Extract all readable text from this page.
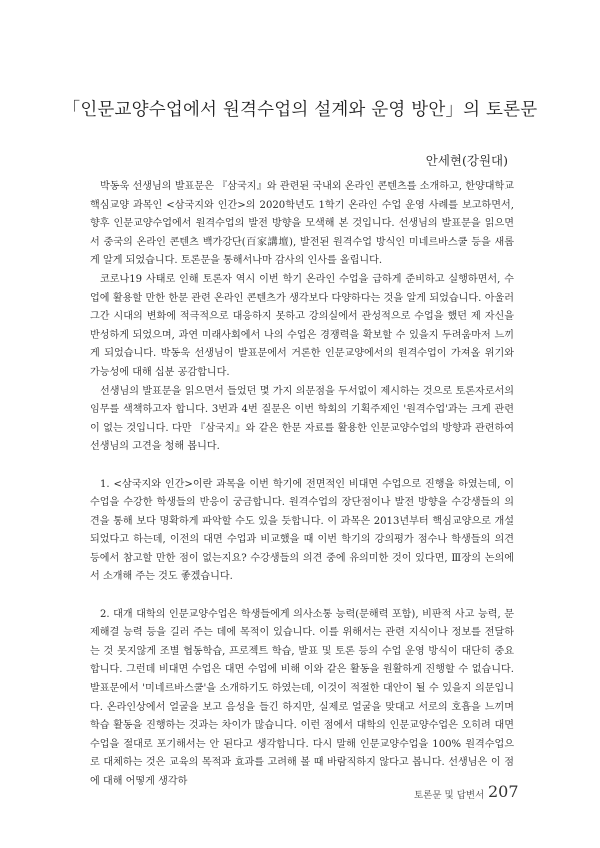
「인문교양수업에서 원격수업의 설계와 운영 방안」의 토론문
안세현(강원대)

박동욱 선생님의 발표문은 『삼국지』와 관련된 국내외 온라인 콘텐츠를 소개하고, 한양대학교 핵심교양 과목인 <삼국지와 인간>의 2020학년도 1학기 온라인 수업 운영 사례를 보고하면서, 향후 인문교양수업에서 원격수업의 발전 방향을 모색해 본 것입니다. 선생님의 발표문을 읽으면서 중국의 온라인 콘텐츠 백가강단(百家講壇), 발전된 원격수업 방식인 미네르바스쿨 등을 새롭게 알게 되었습니다. 토론문을 통해서나마 감사의 인사를 올립니다.

코로나19 사태로 인해 토론자 역시 이번 학기 온라인 수업을 급하게 준비하고 실행하면서, 수업에 활용할 만한 한문 관련 온라인 콘텐츠가 생각보다 다양하다는 것을 알게 되었습니다. 아울러 그간 시대의 변화에 적극적으로 대응하지 못하고 강의실에서 관성적으로 수업을 했던 제 자신을 반성하게 되었으며, 과연 미래사회에서 나의 수업은 경쟁력을 확보할 수 있을지 두려움마저 느끼게 되었습니다. 박동욱 선생님이 발표문에서 거론한 인문교양에서의 원격수업이 가져올 위기와 가능성에 대해 십분 공감합니다.

선생님의 발표문을 읽으면서 들었던 몇 가지 의문점을 두서없이 제시하는 것으로 토론자로서의 임무를 색책하고자 합니다. 3번과 4번 질문은 이번 학회의 기획주제인 '원격수업'과는 크게 관련이 없는 것입니다. 다만 『삼국지』와 같은 한문 자료를 활용한 인문교양수업의 방향과 관련하여 선생님의 고견을 청해 봅니다.

1. <삼국지와 인간>이란 과목을 이번 학기에 전면적인 비대면 수업으로 진행을 하였는데, 이 수업을 수강한 학생들의 반응이 궁금합니다. 원격수업의 장단점이나 발전 방향을 수강생들의 의견을 통해 보다 명확하게 파악할 수도 있을 듯합니다. 이 과목은 2013년부터 핵심교양으로 개설되었다고 하는데, 이전의 대면 수업과 비교했을 때 이번 학기의 강의평가 점수나 학생들의 의견 등에서 참고할 만한 점이 없는지요? 수강생들의 의견 중에 유의미한 것이 있다면, Ⅲ장의 논의에서 소개해 주는 것도 좋겠습니다.

2. 대개 대학의 인문교양수업은 학생들에게 의사소통 능력(문해력 포함), 비판적 사고 능력, 문제해결 능력 등을 길러 주는 데에 목적이 있습니다. 이를 위해서는 관련 지식이나 정보를 전달하는 것 못지않게 조별 협동학습, 프로젝트 학습, 발표 및 토론 등의 수업 운영 방식이 대단히 중요합니다. 그런데 비대면 수업은 대면 수업에 비해 이와 같은 활동을 원활하게 진행할 수 없습니다. 발표문에서 '미네르바스쿨'을 소개하기도 하였는데, 이것이 적절한 대안이 될 수 있을지 의문입니다. 온라인상에서 얼굴을 보고 음성을 들긴 하지만, 실제로 얼굴을 맞대고 서로의 호흡을 느끼며 학습 활동을 진행하는 것과는 차이가 많습니다. 이런 점에서 대학의 인문교양수업은 오히려 대면 수업을 절대로 포기해서는 안 된다고 생각합니다. 다시 말해 인문교양수업을 100% 원격수업으로 대체하는 것은 교육의 목적과 효과를 고려해 볼 때 바람직하지 않다고 봅니다. 선생님은 이 점에 대해 어떻게 생각하

토론문 및 답변서 207
